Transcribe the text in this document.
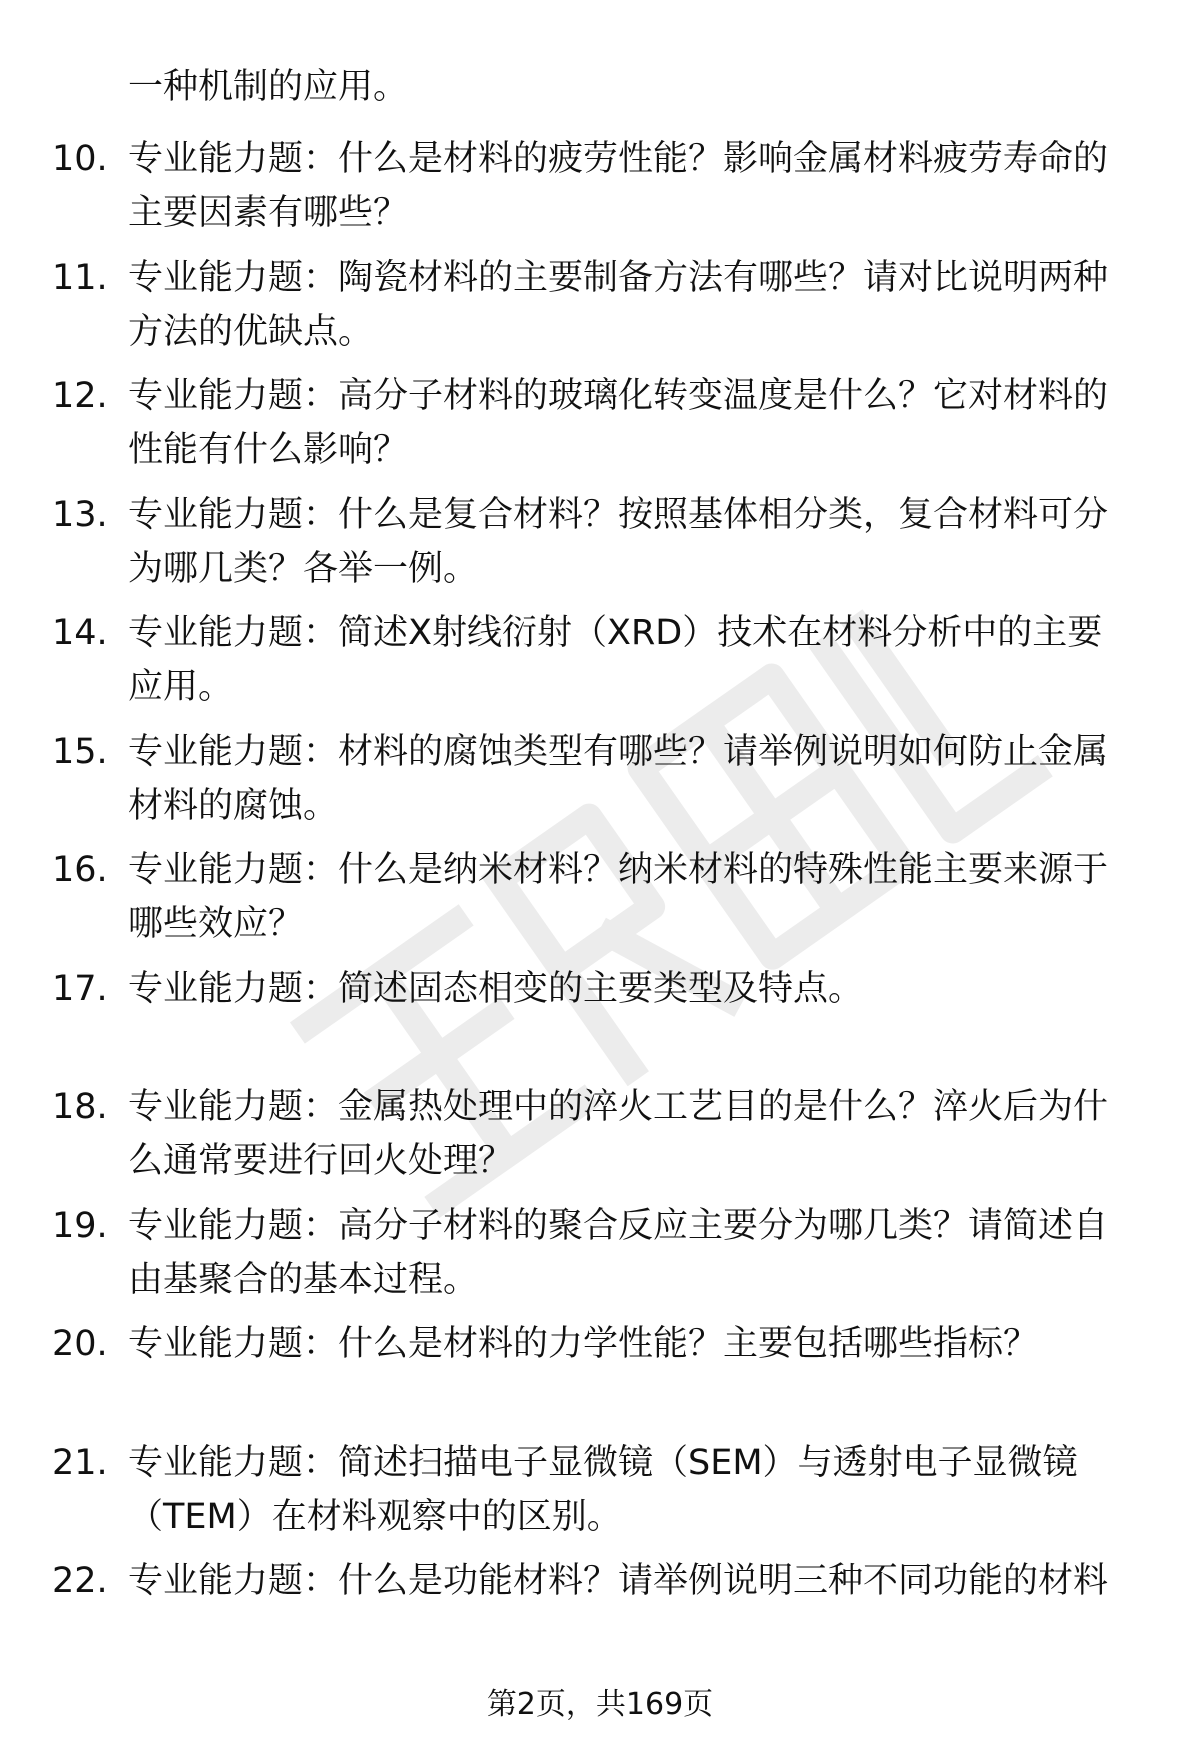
一种机制的应用。
10. 专业能力题：什么是材料的疲劳性能？影响金属材料疲劳寿命的
主要因素有哪些？
11. 专业能力题：陶瓷材料的主要制备方法有哪些？请对比说明两种
方法的优缺点。
12. 专业能力题：高分子材料的玻璃化转变温度是什么？它对材料的
性能有什么影响？
13. 专业能力题：什么是复合材料？按照基体相分类，复合材料可分
为哪几类？各举一例。
14. 专业能力题：简述X射线衍射（XRD）技术在材料分析中的主要
应用。
15. 专业能力题：材料的腐蚀类型有哪些？请举例说明如何防止金属
材料的腐蚀。
16. 专业能力题：什么是纳米材料？纳米材料的特殊性能主要来源于
哪些效应？
17. 专业能力题：简述固态相变的主要类型及特点。
18. 专业能力题：金属热处理中的淬火工艺目的是什么？淬火后为什
么通常要进行回火处理？
19. 专业能力题：高分子材料的聚合反应主要分为哪几类？请简述自
由基聚合的基本过程。
20. 专业能力题：什么是材料的力学性能？主要包括哪些指标？
21. 专业能力题：简述扫描电子显微镜（SEM）与透射电子显微镜
（TEM）在材料观察中的区别。
22. 专业能力题：什么是功能材料？请举例说明三种不同功能的材料
第2页，共169页
